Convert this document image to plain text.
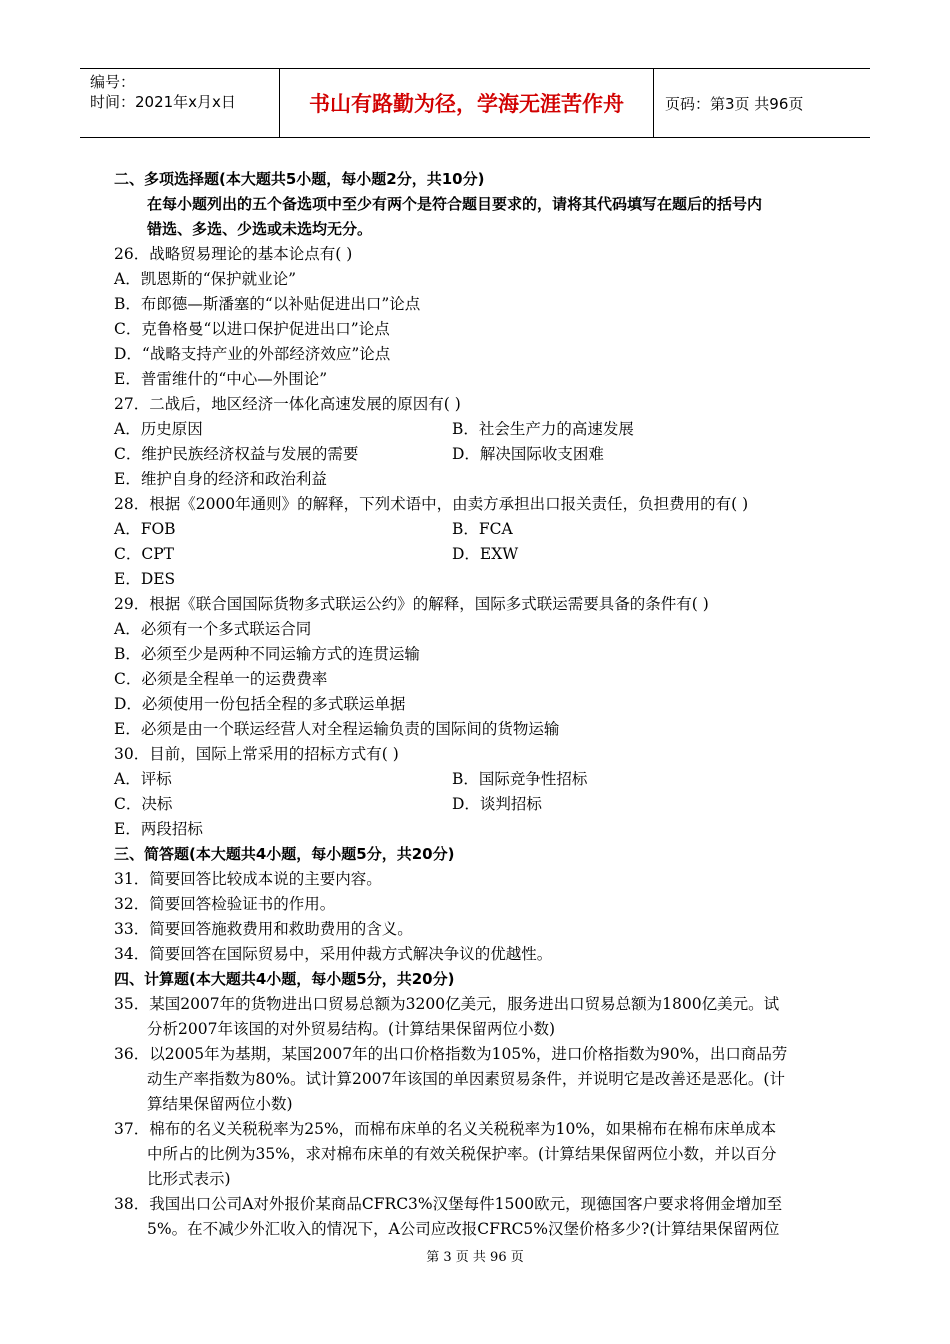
编号：
时间：2021年x月x日	书山有路勤为径，学海无涯苦作舟	页码：第3页 共96页
二、多项选择题(本大题共5小题，每小题2分，共10分)
在每小题列出的五个备选项中至少有两个是符合题目要求的，请将其代码填写在题后的括号内
错选、多选、少选或未选均无分。
26．战略贸易理论的基本论点有( )
A．凯恩斯的“保护就业论”
B．布郎德—斯潘塞的“以补贴促进出口”论点
C．克鲁格曼“以进口保护促进出口”论点
D．“战略支持产业的外部经济效应”论点
E．普雷维什的“中心—外围论”
27．二战后，地区经济一体化高速发展的原因有( )
A．历史原因	B．社会生产力的高速发展
C．维护民族经济权益与发展的需要	D．解决国际收支困难
E．维护自身的经济和政治利益
28．根据《2000年通则》的解释，下列术语中，由卖方承担出口报关责任，负担费用的有( )
A．FOB	B．FCA
C．CPT	D．EXW
E．DES
29．根据《联合国国际货物多式联运公约》的解释，国际多式联运需要具备的条件有( )
A．必须有一个多式联运合同
B．必须至少是两种不同运输方式的连贯运输
C．必须是全程单一的运费费率
D．必须使用一份包括全程的多式联运单据
E．必须是由一个联运经营人对全程运输负责的国际间的货物运输
30．目前，国际上常采用的招标方式有( )
A．评标	B．国际竞争性招标
C．决标	D．谈判招标
E．两段招标
三、简答题(本大题共4小题，每小题5分，共20分)
31．简要回答比较成本说的主要内容。
32．简要回答检验证书的作用。
33．简要回答施救费用和救助费用的含义。
34．简要回答在国际贸易中，采用仲裁方式解决争议的优越性。
四、计算题(本大题共4小题，每小题5分，共20分)
35．某国2007年的货物进出口贸易总额为3200亿美元，服务进出口贸易总额为1800亿美元。试
分析2007年该国的对外贸易结构。(计算结果保留两位小数)
36．以2005年为基期，某国2007年的出口价格指数为105%，进口价格指数为90%，出口商品劳
动生产率指数为80%。试计算2007年该国的单因素贸易条件，并说明它是改善还是恶化。(计
算结果保留两位小数)
37．棉布的名义关税税率为25%，而棉布床单的名义关税税率为10%，如果棉布在棉布床单成本
中所占的比例为35%，求对棉布床单的有效关税保护率。(计算结果保留两位小数，并以百分
比形式表示)
38．我国出口公司A对外报价某商品CFRC3%汉堡每件1500欧元，现德国客户要求将佣金增加至
5%。在不减少外汇收入的情况下，A公司应改报CFRC5%汉堡价格多少?(计算结果保留两位
第 3 页 共 96 页
